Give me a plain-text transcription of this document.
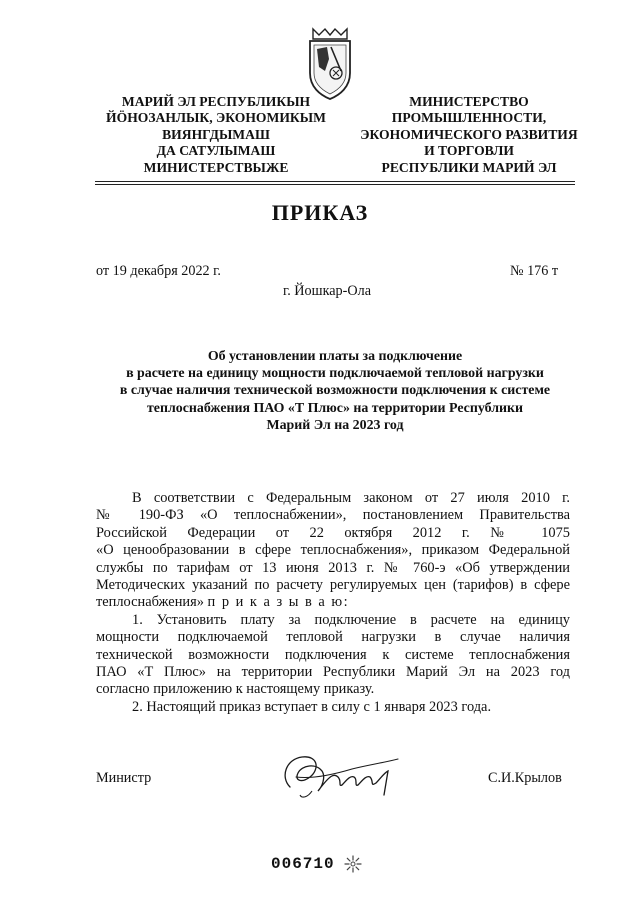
МАРИЙ ЭЛ РЕСПУБЛИКЫН
ЙӦНОЗАНЛЫК, ЭКОНОМИКЫМ
ВИЯНГДЫМАШ
ДА САТУЛЫМАШ
МИНИСТЕРСТВЫЖЕ
МИНИСТЕРСТВО
ПРОМЫШЛЕННОСТИ,
ЭКОНОМИЧЕСКОГО РАЗВИТИЯ
И ТОРГОВЛИ
РЕСПУБЛИКИ МАРИЙ ЭЛ
ПРИКАЗ
от 19 декабря 2022 г.	№ 176 т
г. Йошкар-Ола
Об установлении платы за подключение
в расчете на единицу мощности подключаемой тепловой нагрузки
в случае наличия технической возможности подключения к системе
теплоснабжения ПАО «Т Плюс» на территории Республики
Марий Эл на 2023 год

В соответствии с Федеральным законом от 27 июля 2010 г.
№ 190-ФЗ «О теплоснабжении», постановлением Правительства
Российской Федерации от 22 октября 2012 г. № 1075
«О ценообразовании в сфере теплоснабжения», приказом Федеральной
службы по тарифам от 13 июня 2013 г. № 760-э «Об утверждении
Методических указаний по расчету регулируемых цен (тарифов) в сфере
теплоснабжения» п р и к а з ы в а ю:

1. Установить плату за подключение в расчете на единицу
мощности подключаемой тепловой нагрузки в случае наличия
технической возможности подключения к системе теплоснабжения
ПАО «Т Плюс» на территории Республики Марий Эл на 2023 год
согласно приложению к настоящему приказу.

2. Настоящий приказ вступает в силу с 1 января 2023 года.

Министр	С.И.Крылов
006710
